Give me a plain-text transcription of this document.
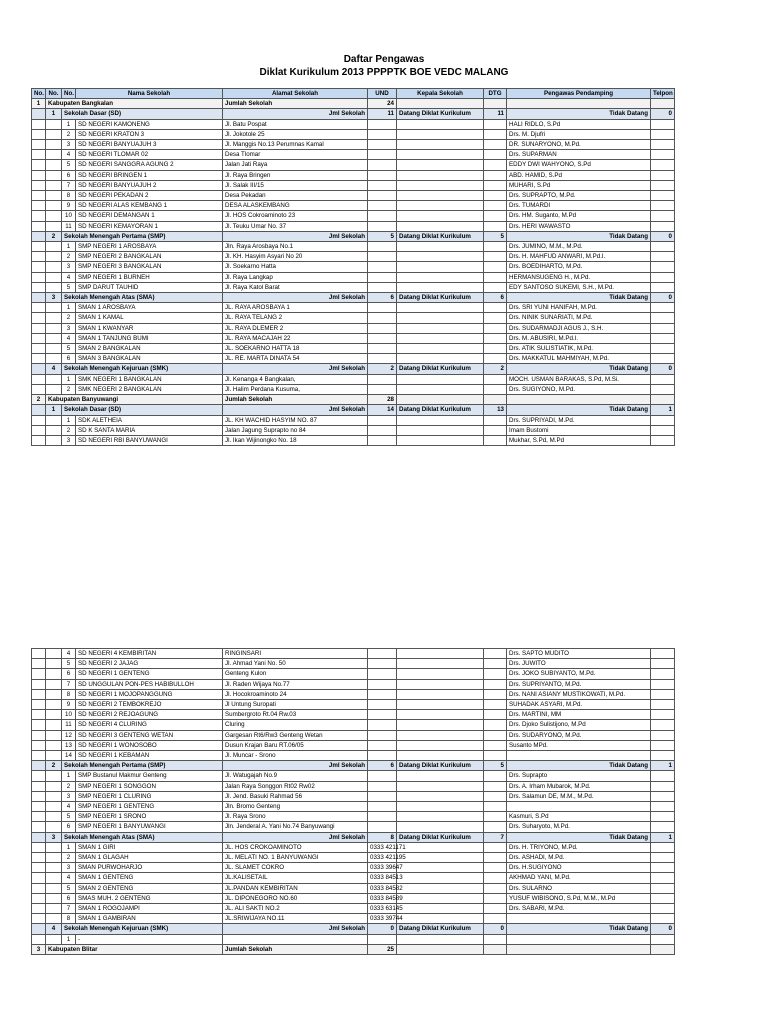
Daftar Pengawas
Diklat Kurikulum 2013 PPPPTK BOE VEDC MALANG
No.	No.	No.	Nama Sekolah	Alamat Sekolah	UND	Kepala Sekolah	DTG	Pengawas Pendamping	Telpon
1	Kabupaten Bangkalan			Jumlah Sekolah	24				
	1	Sekolah Dasar (SD)		Jml Sekolah	11	Datang Diklat Kurikulum	11	Tidak Datang	0
		1	SD NEGERI KAMONENG	Jl. Batu Pospat				HALI RIDLO, S.Pd	
		2	SD NEGERI KRATON 3	Jl. Jokotole 25				Drs. M. Djufri	
		3	SD NEGERI BANYUAJUH 3	Jl. Manggis No.13 Perumnas Kamal				DR. SUNARYONO, M.Pd.	
		4	SD NEGERI TLOMAR 02	Desa Tlomar				Drs. SUPARMAN	
		5	SD NEGERI SANGGRA AGUNG 2	Jalan Jati Raya				EDDY DWI WAHYONO, S.Pd	
		6	SD NEGERI BRINGEN 1	Jl. Raya Bringen				ABD. HAMID, S.Pd	
		7	SD NEGERI BANYUAJUH 2	Jl. Salak III/15				MUHARI, S.Pd	
		8	SD NEGERI PEKADAN 2	Desa Pekadan				Drs. SUPRAPTO, M.Pd.	
		9	SD NEGERI ALAS KEMBANG 1	DESA ALASKEMBANG				Drs. TUMARDI	
		10	SD NEGERI DEMANGAN 1	Jl. HOS Cokroaminoto 23				Drs. HM. Suganto, M.Pd	
		11	SD NEGERI KEMAYORAN 1	Jl. Teuku Umar No. 37				Drs. HERI WAWASTO	
	2	Sekolah Menengah Pertama (SMP)		Jml Sekolah	5	Datang Diklat Kurikulum	5	Tidak Datang	0
		1	SMP NEGERI 1 AROSBAYA	Jln. Raya Arosbaya No.1				Drs. JUMINO, M.M., M.Pd.	
		2	SMP NEGERI 2 BANGKALAN	Jl. KH. Hasyim Asyari No 20				Drs. H. MAHFUD ANWARI, M.Pd.I.	
		3	SMP NEGERI 3 BANGKALAN	Jl. Soekarno Hatta				Drs. BOEDIHARTO, M.Pd.	
		4	SMP NEGERI 1 BURNEH	Jl. Raya Langkap				HERMANSUGENG H., M.Pd.	
		5	SMP DARUT TAUHID	Jl. Raya Katol Barat				EDY SANTOSO SUKEMI, S.H., M.Pd.	
	3	Sekolah Menengah Atas (SMA)		Jml Sekolah	6	Datang Diklat Kurikulum	6	Tidak Datang	0
		1	SMAN 1 AROSBAYA	JL. RAYA AROSBAYA 1				Drs. SRI YUNI HANIFAH, M.Pd.	
		2	SMAN 1 KAMAL	JL. RAYA TELANG 2				Drs. NINIK SUNARIATI, M.Pd.	
		3	SMAN 1 KWANYAR	JL. RAYA DLEMER 2				Drs. SUDARMADJI AGUS J., S.H.	
		4	SMAN 1 TANJUNG BUMI	JL. RAYA MACAJAH 22				Drs. M. ABUSIRI, M.Pd.I.	
		5	SMAN 2 BANGKALAN	JL. SOEKARNO HATTA 18				Drs. ATIK SULISTIATIK, M.Pd.	
		6	SMAN 3 BANGKALAN	JL. RE. MARTA DINATA 54				Drs. MAKKATUL MAHMIYAH, M.Pd.	
	4	Sekolah Menengah Kejuruan (SMK)		Jml Sekolah	2	Datang Diklat Kurikulum	2	Tidak Datang	0
		1	SMK NEGERI 1 BANGKALAN	Jl. Kenanga 4 Bangkalan,				MOCH. USMAN BARAKAS, S.Pd, M.Si.	
		2	SMK NEGERI 2 BANGKALAN	Jl. Halim Perdana Kusuma,				Drs. SUGIYONO, M.Pd.	
2	Kabupaten Banyuwangi			Jumlah Sekolah	28				
	1	Sekolah Dasar (SD)		Jml Sekolah	14	Datang Diklat Kurikulum	13	Tidak Datang	1
		1	SDK ALETHEIA	JL. KH WACHID HASYIM NO. 87				Drs. SUPRIYADI, M.Pd.	
		2	SD K SANTA MARIA	Jalan Jagung Suprapto no 84				Imam Bustomi	
		3	SD NEGERI RBI BANYUWANGI	Jl. Ikan Wijinongko No. 18				Mukhar, S.Pd, M.Pd	
		4	SD NEGERI 4 KEMBIRITAN	RINGINSARI				Drs. SAPTO MUDITO	
		5	SD NEGERI 2 JAJAG	Jl. Ahmad Yani No. 50				Drs. JUWITO	
		6	SD NEGERI 1 GENTENG	Genteng Kulon				Drs. JOKO SUBIYANTO, M.Pd.	
		7	SD UNGGULAN PON-PES HABIBULLOH	Jl. Raden Wijaya No.77				Drs. SUPRIYANTO, M.Pd.	
		8	SD NEGERI 1 MOJOPANGGUNG	Jl. Hocokroaminoto 24				Drs. NANI ASIANY MUSTIKOWATI, M.Pd.	
		9	SD NEGERI 2 TEMBOKREJO	Jl Untung Suropati				SUHADAK ASYARI, M.Pd.	
		10	SD NEGERI 2 REJOAGUNG	Sumbergroto Rt.04 Rw.03				Drs. MARTINI, MM	
		11	SD NEGERI 4 CLURING	Cluring				Drs. Djoko Sulistijono, M.Pd	
		12	SD NEGERI 3 GENTENG WETAN	Gargesan Rt6/Rw3 Genteng Wetan				Drs. SUDARYONO, M.Pd.	
		13	SD NEGERI 1 WONOSOBO	Dusun Krajan Baru RT.06/05				Susanto MPd.	
		14	SD NEGERI 1 KEBAMAN	Jl. Muncar - Srono					
	2	Sekolah Menengah Pertama (SMP)		Jml Sekolah	6	Datang Diklat Kurikulum	5	Tidak Datang	1
		1	SMP Bustanul Makmur Genteng	Jl. Watugajah No.9				Drs. Suprapto	
		2	SMP NEGERI 1 SONGGON	Jalan Raya Songgon Rt02 Rw02				Drs. A. Irham Mubarok, M.Pd.	
		3	SMP NEGERI 1 CLURING	Jl. Jend. Basuki Rahmad 56				Drs. Salamun DE, M.M., M.Pd.	
		4	SMP NEGERI 1 GENTENG	Jln. Bromo Genteng					
		5	SMP NEGERI 1 SRONO	Jl. Raya Srono				Kasmuri, S.Pd	
		6	SMP NEGERI 1 BANYUWANGI	Jln. Jenderal A. Yani No.74 Banyuwangi				Drs. Suharyoto, M.Pd.	
	3	Sekolah Menengah Atas (SMA)		Jml Sekolah	8	Datang Diklat Kurikulum	7	Tidak Datang	1
		1	SMAN 1 GIRI	JL. HOS CROKOAMINOTO	0333 421171			Drs. H. TRIYONO, M.Pd.	
		2	SMAN 1 GLAGAH	JL. MELATI NO. 1 BANYUWANGI	0333 421195			Drs. ASHADI, M.Pd.	
		3	SMAN PURWOHARJO	JL. SLAMET COKRO	0333 39647			Drs. H.SUGIYONO	
		4	SMAN 1 GENTENG	JL.KALISETAIL	0333 84513			AKHMAD YANI, M.Pd.	
		5	SMAN 2 GENTENG	JL.PANDAN KEMBIRITAN	0333 84582			Drs. SULARNO	
		6	SMAS MUH. 2 GENTENG	JL. DIPONEGORO NO.60	0333 84589			YUSUF WIBISONO, S.Pd, M.M., M.Pd	
		7	SMAN 1 ROGOJAMPI	JL. ALI SAKTI NO.2	0333 63145			Drs. SABARI, M.Pd.	
		8	SMAN 1 GAMBIRAN	JL.SRIWIJAYA NO.11	0333 39744				
	4	Sekolah Menengah Kejuruan (SMK)		Jml Sekolah	0	Datang Diklat Kurikulum	0	Tidak Datang	0
		1	-						
3	Kabupaten Blitar			Jumlah Sekolah	25				
